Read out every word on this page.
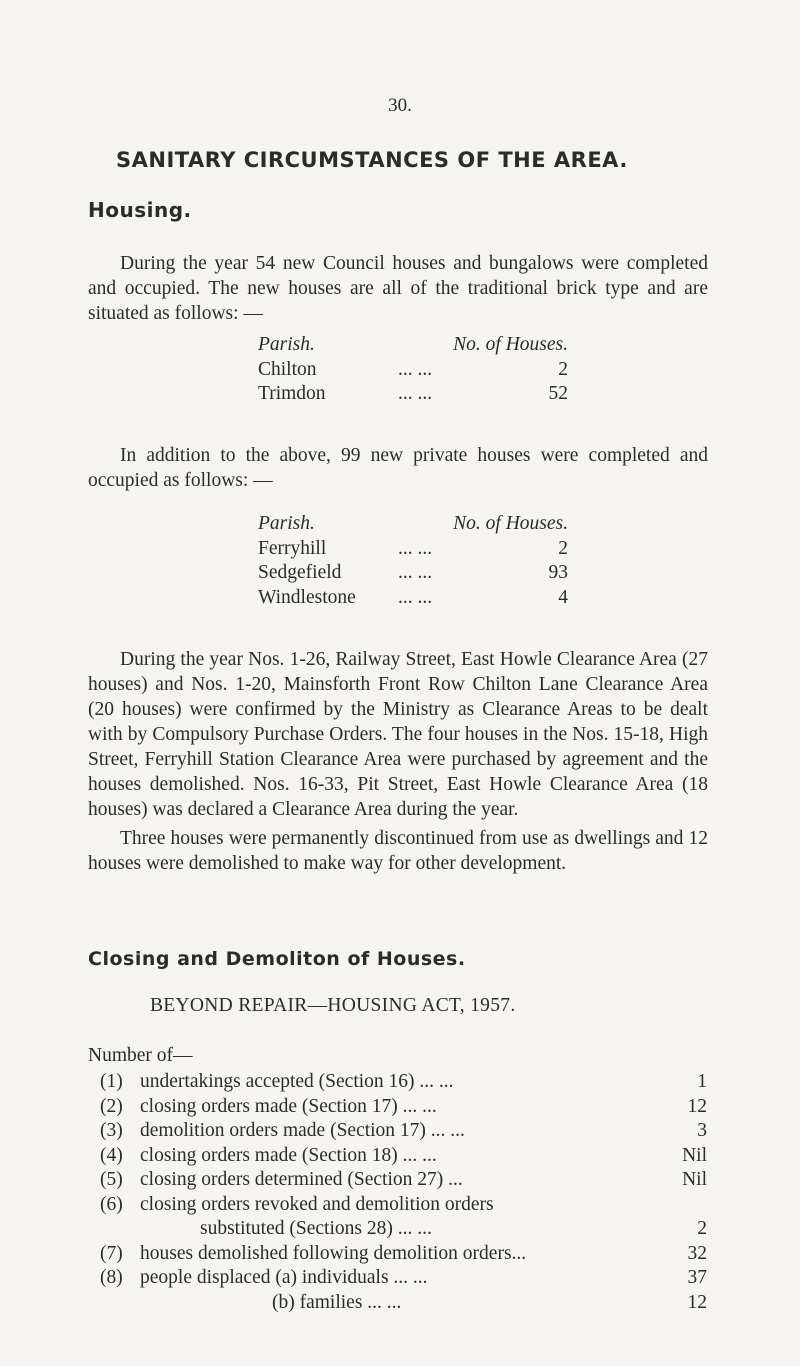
30.
SANITARY CIRCUMSTANCES OF THE AREA.
Housing.

During the year 54 new Council houses and bungalows were completed and occupied. The new houses are all of the traditional brick type and are situated as follows: —

Parish.	No. of Houses.
Chilton	... ...	2
Trimdon	... ...	52

In addition to the above, 99 new private houses were completed and occupied as follows: —

Parish.	No. of Houses.
Ferryhill	... ...	2
Sedgefield	... ...	93
Windlestone ... ...	4

During the year Nos. 1-26, Railway Street, East Howle Clearance Area (27 houses) and Nos. 1-20, Mainsforth Front Row Chilton Lane Clearance Area (20 houses) were confirmed by the Ministry as Clearance Areas to be dealt with by Compulsory Purchase Orders. The four houses in the Nos. 15-18, High Street, Ferryhill Station Clearance Area were purchased by agreement and the houses demolished. Nos. 16-33, Pit Street, East Howle Clearance Area (18 houses) was declared a Clearance Area during the year.

Three houses were permanently discontinued from use as dwellings and 12 houses were demolished to make way for other development.

Closing and Demoliton of Houses.
BEYOND REPAIR—HOUSING ACT, 1957.
Number of—
(1) undertakings accepted (Section 16) ... ...	1
(2) closing orders made (Section 17) ... ...	12
(3) demolition orders made (Section 17) ... ...	3
(4) closing orders made (Section 18) ... ...	Nil
(5) closing orders determined (Section 27) ...	Nil
(6) closing orders revoked and demolition orders
substituted (Sections 28) ... ...	2
(7) houses demolished following demolition orders...	32
(8) people displaced (a) individuals ... ...	37
(b) families ... ...	12
